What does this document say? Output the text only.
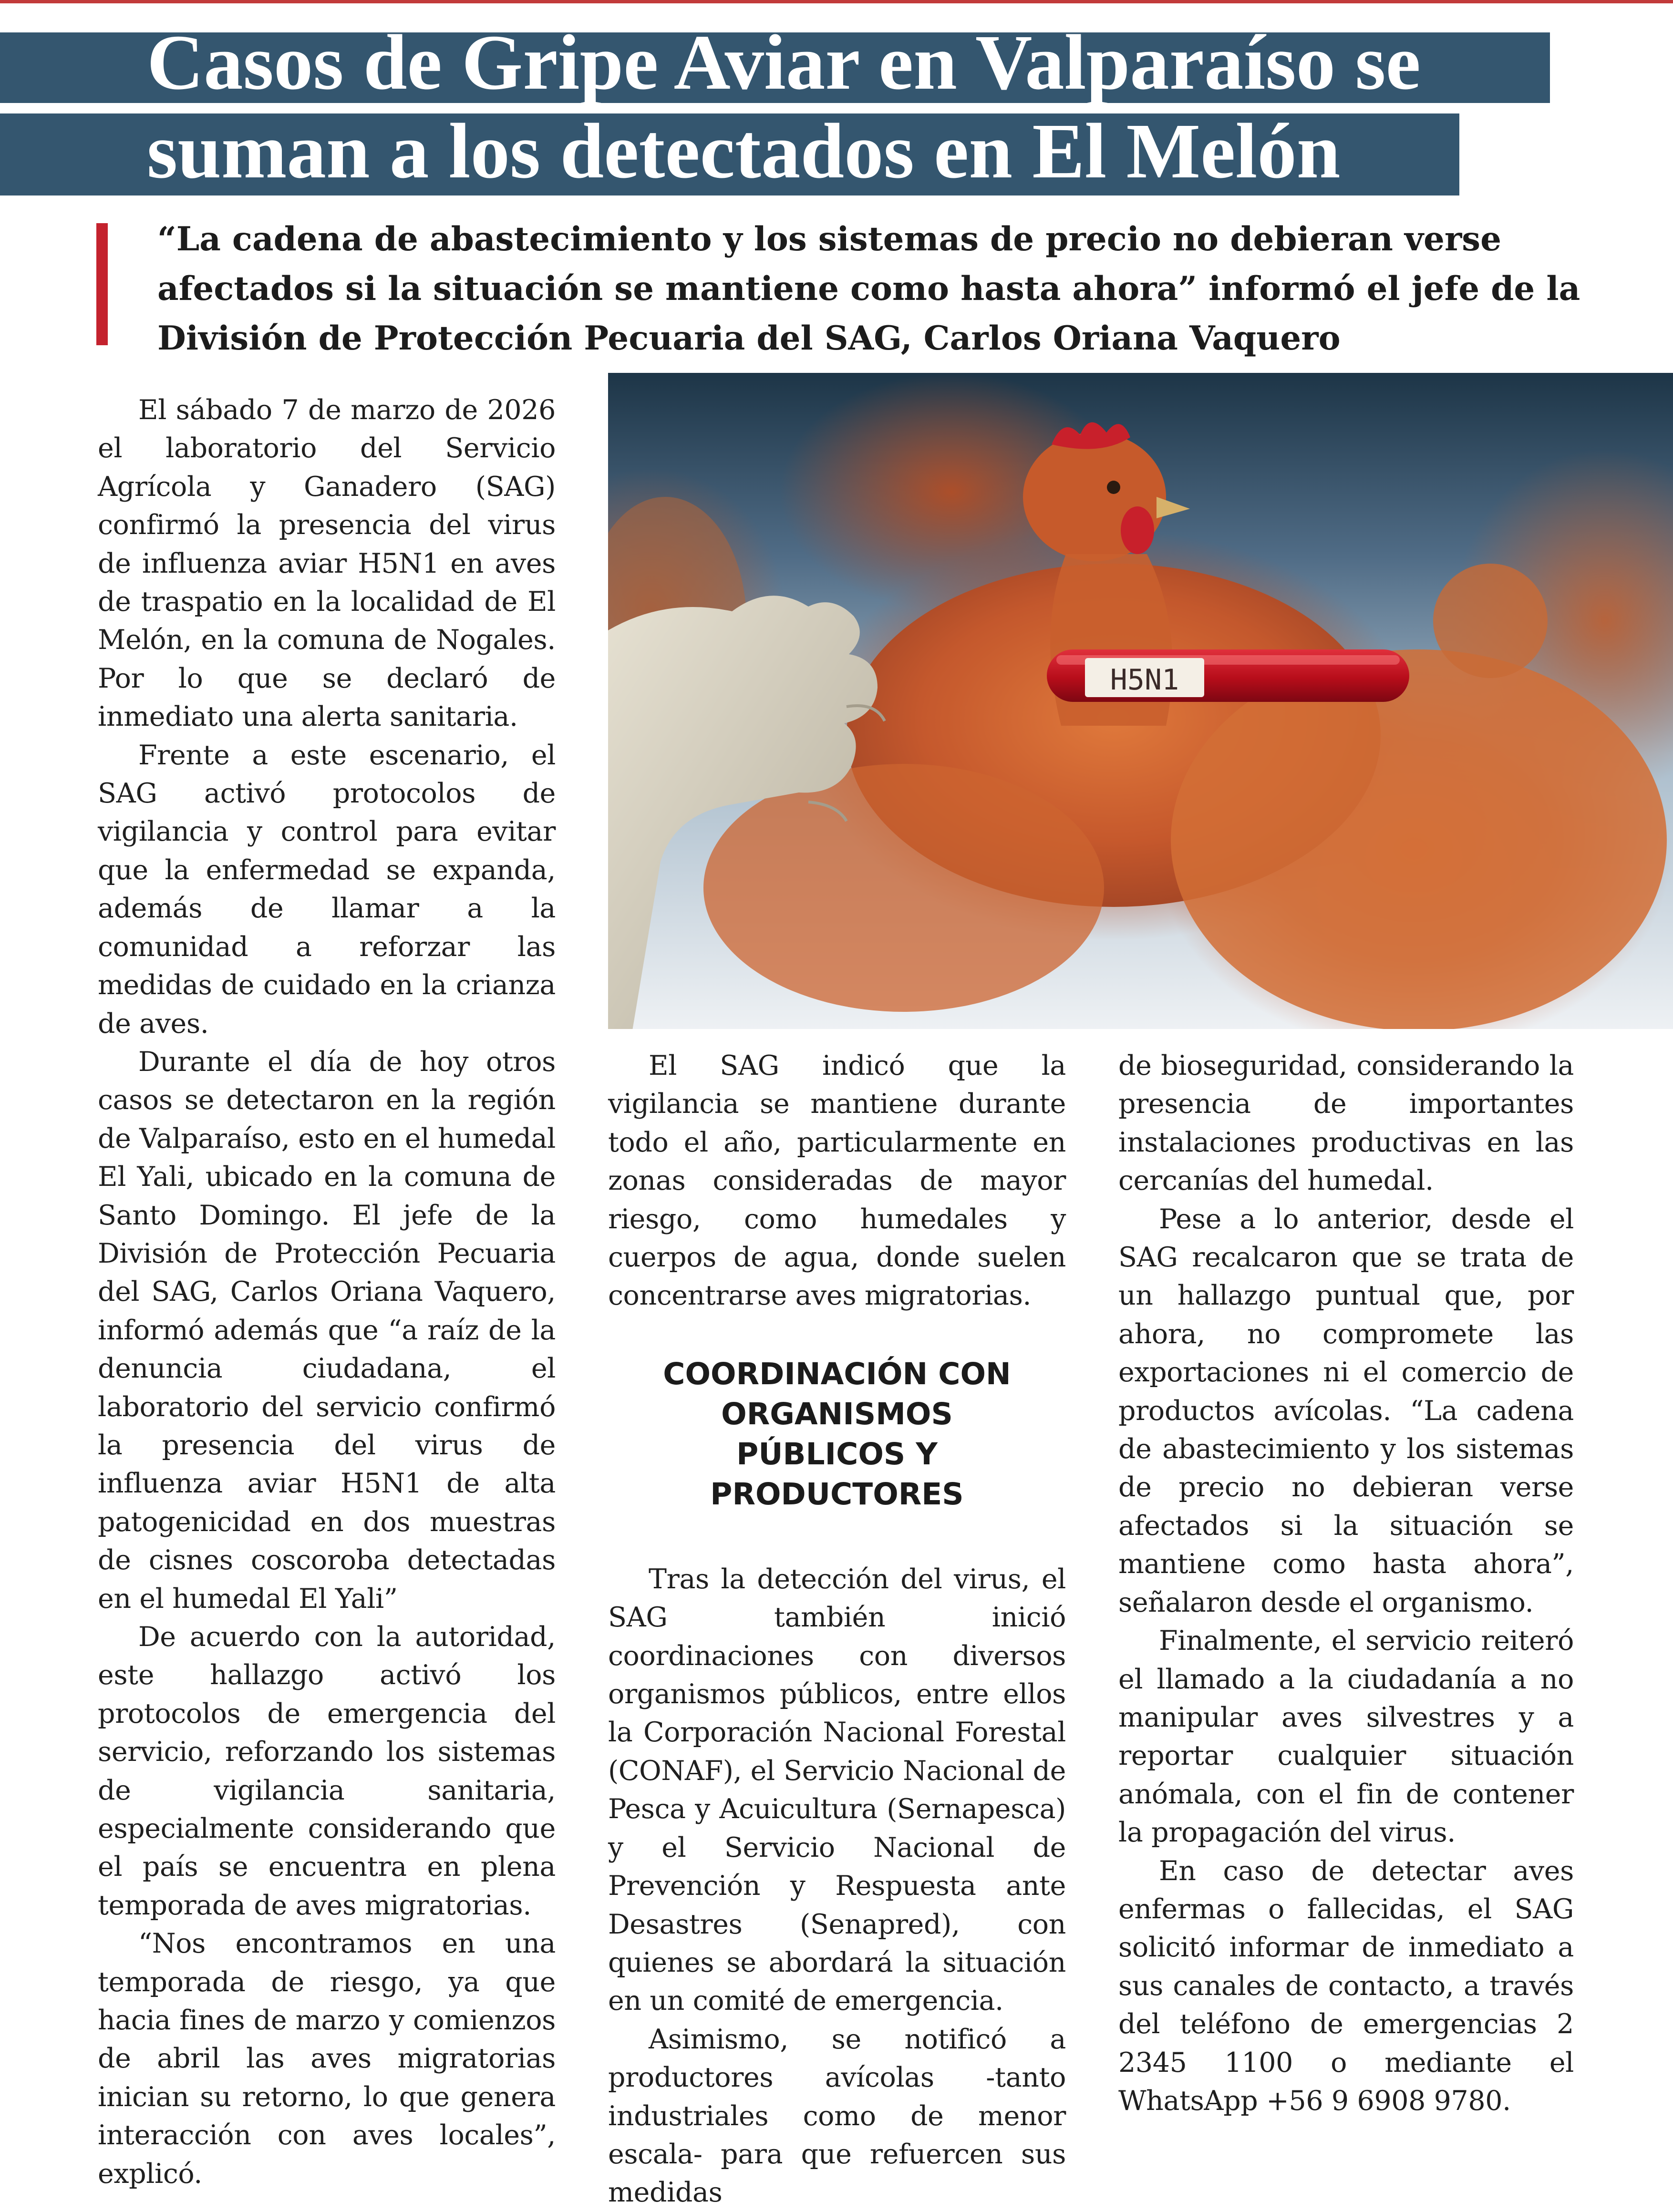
Casos de Gripe Aviar en Valparaíso se
suman a los detectados en El Melón

“La cadena de abastecimiento y los sistemas de precio no debieran verse afectados si la situación se mantiene como hasta ahora” informó el jefe de la División de Protección Pecuaria del SAG, Carlos Oriana Vaquero

H5N1

El sábado 7 de marzo de 2026 el laboratorio del Servicio Agrícola y Ganadero (SAG) confirmó la presencia del virus de influenza aviar H5N1 en aves de traspatio en la localidad de El Melón, en la comuna de Nogales. Por lo que se declaró de inmediato una alerta sanitaria.

Frente a este escenario, el SAG activó protocolos de vigilancia y control para evitar que la enfermedad se expanda, además de llamar a la comunidad a reforzar las medidas de cuidado en la crianza de aves.

Durante el día de hoy otros casos se detectaron en la región de Valparaíso, esto en el humedal El Yali, ubicado en la comuna de Santo Domingo. El jefe de la División de Protección Pecuaria del SAG, Carlos Oriana Vaquero, informó además que “a raíz de la denuncia ciudadana, el laboratorio del servicio confirmó la presencia del virus de influenza aviar H5N1 de alta patogenicidad en dos muestras de cisnes coscoroba detectadas en el humedal El Yali”

De acuerdo con la autoridad, este hallazgo activó los protocolos de emergencia del servicio, reforzando los sistemas de vigilancia sanitaria, especialmente considerando que el país se encuentra en plena temporada de aves migratorias.

“Nos encontramos en una temporada de riesgo, ya que hacia fines de marzo y comienzos de abril las aves migratorias inician su retorno, lo que genera interacción con aves locales”, explicó.

El SAG indicó que la vigilancia se mantiene durante todo el año, particularmente en zonas consideradas de mayor riesgo, como humedales y cuerpos de agua, donde suelen concentrarse aves migratorias.

COORDINACIÓN CON ORGANISMOS PÚBLICOS Y PRODUCTORES

Tras la detección del virus, el SAG también inició coordinaciones con diversos organismos públicos, entre ellos la Corporación Nacional Forestal (CONAF), el Servicio Nacional de Pesca y Acuicultura (Sernapesca) y el Servicio Nacional de Prevención y Respuesta ante Desastres (Senapred), con quienes se abordará la situación en un comité de emergencia.

Asimismo, se notificó a productores avícolas -tanto industriales como de menor escala- para que refuercen sus medidas

de bioseguridad, considerando la presencia de importantes instalaciones productivas en las cercanías del humedal.

Pese a lo anterior, desde el SAG recalcaron que se trata de un hallazgo puntual que, por ahora, no compromete las exportaciones ni el comercio de productos avícolas. “La cadena de abastecimiento y los sistemas de precio no debieran verse afectados si la situación se mantiene como hasta ahora”, señalaron desde el organismo.

Finalmente, el servicio reiteró el llamado a la ciudadanía a no manipular aves silvestres y a reportar cualquier situación anómala, con el fin de contener la propagación del virus.

En caso de detectar aves enfermas o fallecidas, el SAG solicitó informar de inmediato a sus canales de contacto, a través del teléfono de emergencias 2 2345 1100 o mediante el WhatsApp +56 9 6908 9780.
